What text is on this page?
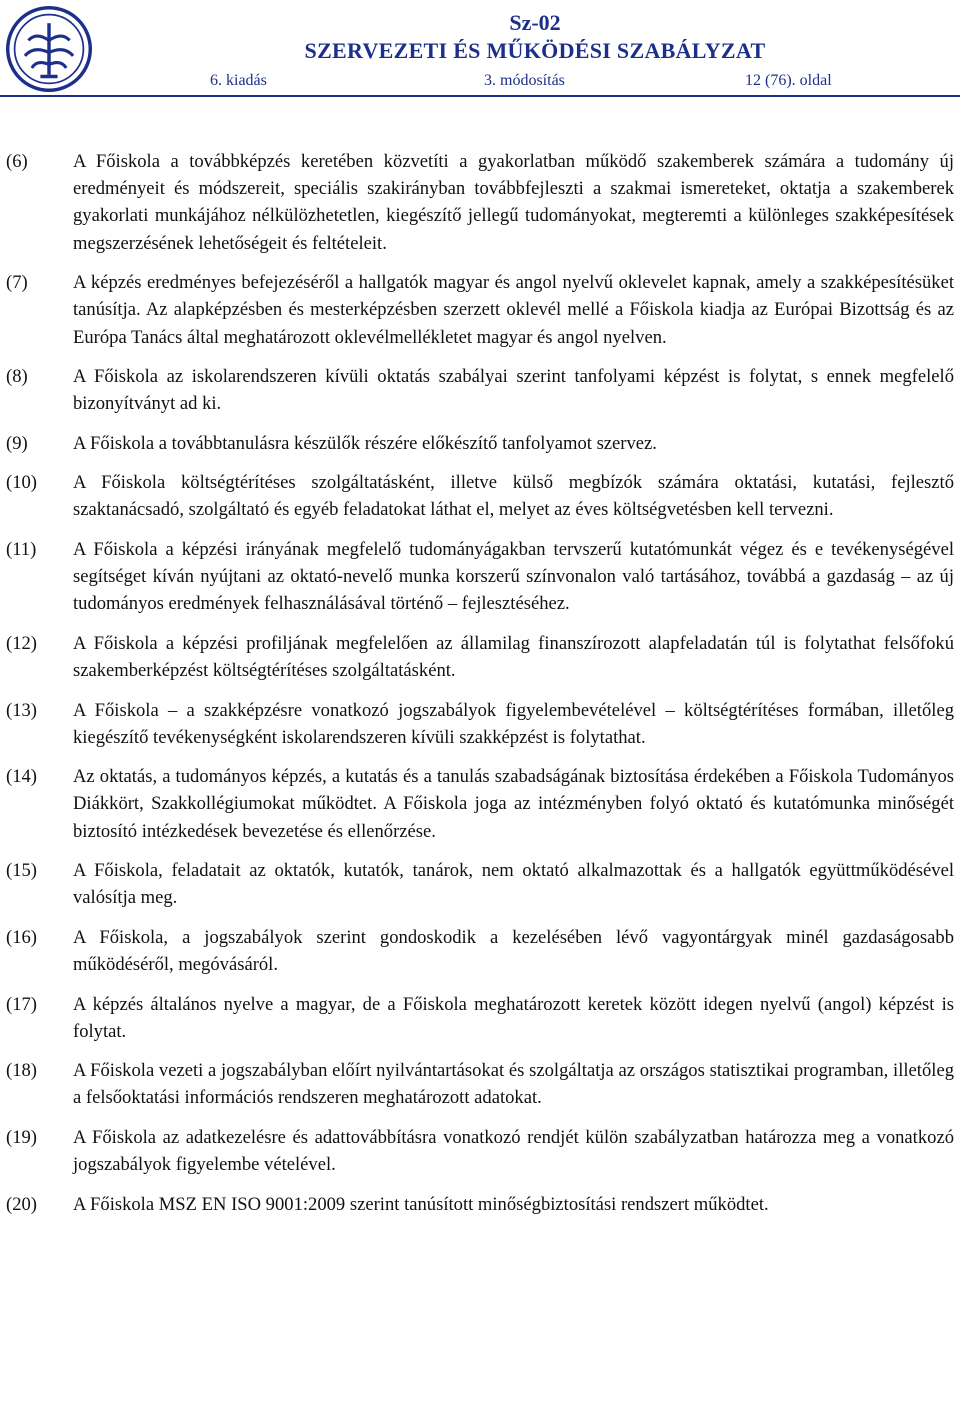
Sz-02
SZERVEZETI ÉS MŰKÖDÉSI SZABÁLYZAT
6. kiadás	3. módosítás	12 (76). oldal
(6)	A Főiskola a továbbképzés keretében közvetíti a gyakorlatban működő szakemberek számára a tudomány új eredményeit és módszereit, speciális szakirányban továbbfejleszti a szakmai ismereteket, oktatja a szakemberek gyakorlati munkájához nélkülözhetetlen, kiegészítő jellegű tudományokat, megteremti a különleges szakképesítések megszerzésének lehetőségeit és feltételeit.
(7)	A képzés eredményes befejezéséről a hallgatók magyar és angol nyelvű oklevelet kapnak, amely a szakképesítésüket tanúsítja. Az alapképzésben és mesterképzésben szerzett oklevél mellé a Főiskola kiadja az Európai Bizottság és az Európa Tanács által meghatározott oklevélmellékletet magyar és angol nyelven.
(8)	A Főiskola az iskolarendszeren kívüli oktatás szabályai szerint tanfolyami képzést is folytat, s ennek megfelelő bizonyítványt ad ki.
(9)	A Főiskola a továbbtanulásra készülők részére előkészítő tanfolyamot szervez.
(10)	A Főiskola költségtérítéses szolgáltatásként, illetve külső megbízók számára oktatási, kutatási, fejlesztő szaktanácsadó, szolgáltató és egyéb feladatokat láthat el, melyet az éves költségvetésben kell tervezni.
(11)	A Főiskola a képzési irányának megfelelő tudományágakban tervszerű kutatómunkát végez és e tevékenységével segítséget kíván nyújtani az oktató-nevelő munka korszerű színvonalon való tartásához, továbbá a gazdaság – az új tudományos eredmények felhasználásával történő – fejlesztéséhez.
(12)	A Főiskola a képzési profiljának megfelelően az államilag finanszírozott alapfeladatán túl is folytathat felsőfokú szakemberképzést költségtérítéses szolgáltatásként.
(13)	A Főiskola – a szakképzésre vonatkozó jogszabályok figyelembevételével – költségtérítéses formában, illetőleg kiegészítő tevékenységként iskolarendszeren kívüli szakképzést is folytathat.
(14)	Az oktatás, a tudományos képzés, a kutatás és a tanulás szabadságának biztosítása érdekében a Főiskola Tudományos Diákkört, Szakkollégiumokat működtet. A Főiskola joga az intézményben folyó oktató és kutatómunka minőségét biztosító intézkedések bevezetése és ellenőrzése.
(15)	A Főiskola, feladatait az oktatók, kutatók, tanárok, nem oktató alkalmazottak és a hallgatók együttműködésével valósítja meg.
(16)	A Főiskola, a jogszabályok szerint gondoskodik a kezelésében lévő vagyontárgyak minél gazdaságosabb működéséről, megóvásáról.
(17)	A képzés általános nyelve a magyar, de a Főiskola meghatározott keretek között idegen nyelvű (angol) képzést is folytat.
(18)	A Főiskola vezeti a jogszabályban előírt nyilvántartásokat és szolgáltatja az országos statisztikai programban, illetőleg a felsőoktatási információs rendszeren meghatározott adatokat.
(19)	A Főiskola az adatkezelésre és adattovábbításra vonatkozó rendjét külön szabályzatban határozza meg a vonatkozó jogszabályok figyelembe vételével.
(20)	A Főiskola MSZ EN ISO 9001:2009 szerint tanúsított minőségbiztosítási rendszert működtet.
